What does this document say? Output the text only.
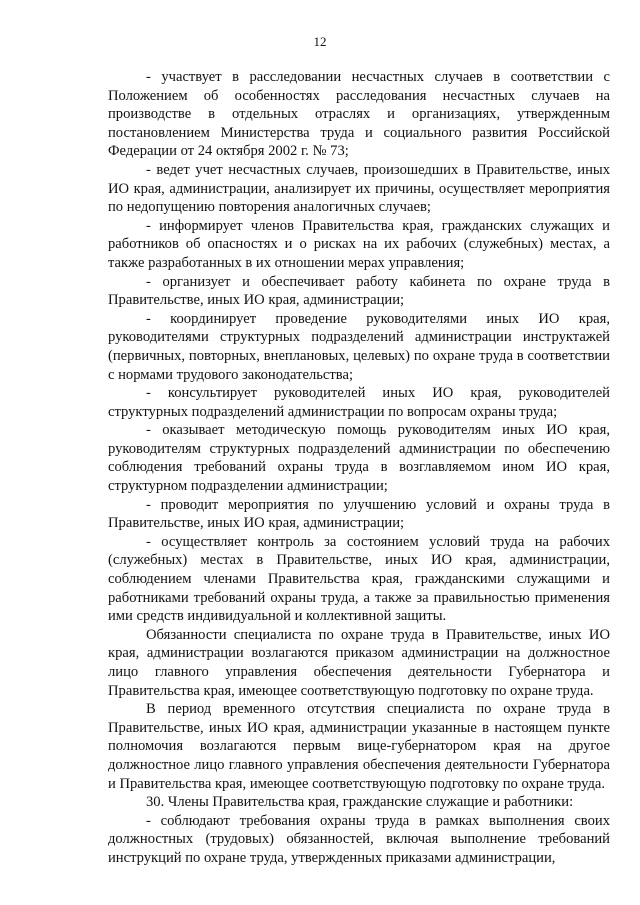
12

- участвует в расследовании несчастных случаев в соответствии с Положением об особенностях расследования несчастных случаев на производстве в отдельных отраслях и организациях, утвержденным постановлением Министерства труда и социального развития Российской Федерации от 24 октября 2002 г. № 73;

- ведет учет несчастных случаев, произошедших в Правительстве, иных ИО края, администрации, анализирует их причины, осуществляет мероприятия по недопущению повторения аналогичных случаев;

- информирует членов Правительства края, гражданских служащих и работников об опасностях и о рисках на их рабочих (служебных) местах, а также разработанных в их отношении мерах управления;

- организует и обеспечивает работу кабинета по охране труда в Правительстве, иных ИО края, администрации;

- координирует проведение руководителями иных ИО края, руководителями структурных подразделений администрации инструктажей (первичных, повторных, внеплановых, целевых) по охране труда в соответствии с нормами трудового законодательства;

- консультирует руководителей иных ИО края, руководителей структурных подразделений администрации по вопросам охраны труда;

- оказывает методическую помощь руководителям иных ИО края, руководителям структурных подразделений администрации по обеспечению соблюдения требований охраны труда в возглавляемом ином ИО края, структурном подразделении администрации;

- проводит мероприятия по улучшению условий и охраны труда в Правительстве, иных ИО края, администрации;

- осуществляет контроль за состоянием условий труда на рабочих (служебных) местах в Правительстве, иных ИО края, администрации, соблюдением членами Правительства края, гражданскими служащими и работниками требований охраны труда, а также за правильностью применения ими средств индивидуальной и коллективной защиты.

Обязанности специалиста по охране труда в Правительстве, иных ИО края, администрации возлагаются приказом администрации на должностное лицо главного управления обеспечения деятельности Губернатора и Правительства края, имеющее соответствующую подготовку по охране труда.

В период временного отсутствия специалиста по охране труда в Правительстве, иных ИО края, администрации указанные в настоящем пункте полномочия возлагаются первым вице-губернатором края на другое должностное лицо главного управления обеспечения деятельности Губернатора и Правительства края, имеющее соответствующую подготовку по охране труда.

30. Члены Правительства края, гражданские служащие и работники:

- соблюдают требования охраны труда в рамках выполнения своих должностных (трудовых) обязанностей, включая выполнение требований инструкций по охране труда, утвержденных приказами администрации,
